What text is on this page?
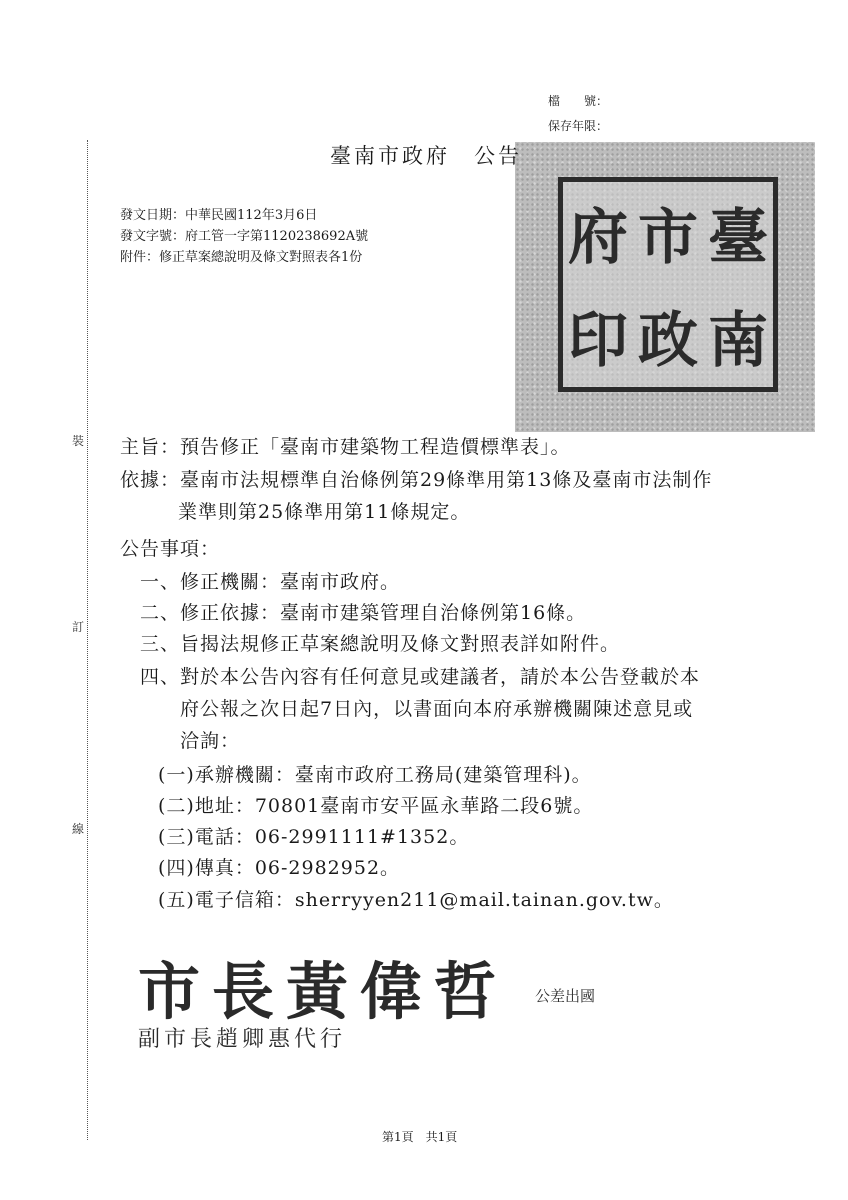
裝
訂
線
檔　　號：
保存年限：
府 市 臺
印 政 南
臺南市政府　公告
發文日期：中華民國112年3月6日
發文字號：府工管一字第1120238692A號
附件：修正草案總說明及條文對照表各1份
主旨：預告修正「臺南市建築物工程造價標準表」。
依據：臺南市法規標準自治條例第29條準用第13條及臺南市法制作
業準則第25條準用第11條規定。
公告事項：
一、修正機關：臺南市政府。
二、修正依據：臺南市建築管理自治條例第16條。
三、旨揭法規修正草案總說明及條文對照表詳如附件。
四、對於本公告內容有任何意見或建議者，請於本公告登載於本
府公報之次日起7日內，以書面向本府承辦機關陳述意見或
洽詢：
(一)承辦機關：臺南市政府工務局(建築管理科)。
(二)地址：70801臺南市安平區永華路二段6號。
(三)電話：06-2991111#1352。
(四)傳真：06-2982952。
(五)電子信箱：sherryyen211@mail.tainan.gov.tw。
市長黃偉哲 公差出國
副市長趙卿惠代行
第1頁　共1頁
